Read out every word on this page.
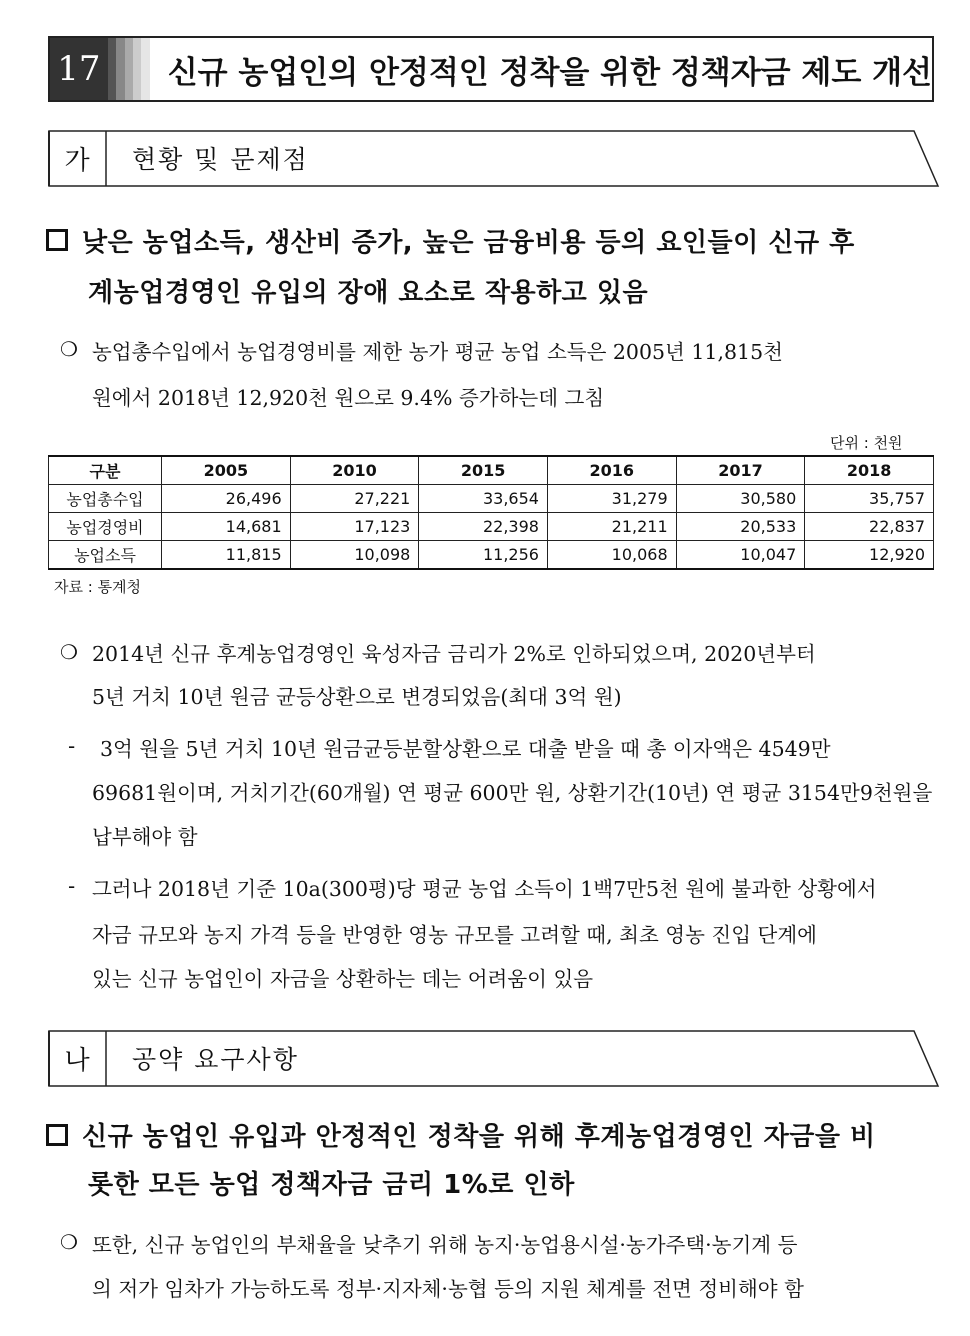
17	신규 농업인의 안정적인 정착을 위한 정책자금 제도 개선
가	현황 및 문제점
낮은 농업소득, 생산비 증가, 높은 금융비용 등의 요인들이 신규 후
계농업경영인 유입의 장애 요소로 작용하고 있음
❍ 농업총수입에서 농업경영비를 제한 농가 평균 농업 소득은 2005년 11,815천
원에서 2018년 12,920천 원으로 9.4% 증가하는데 그침
단위 : 천원
구분	2005	2010	2015	2016	2017	2018
농업총수입	26,496	27,221	33,654	31,279	30,580	35,757
농업경영비	14,681	17,123	22,398	21,211	20,533	22,837
농업소득	11,815	10,098	11,256	10,068	10,047	12,920
자료 : 통계청
❍ 2014년 신규 후계농업경영인 육성자금 금리가 2%로 인하되었으며, 2020년부터
5년 거치 10년 원금 균등상환으로 변경되었음(최대 3억 원)
- 3억 원을 5년 거치 10년 원금균등분할상환으로 대출 받을 때 총 이자액은 4549만
69681원이며, 거치기간(60개월) 연 평균 600만 원, 상환기간(10년) 연 평균 3154만9천원을
납부해야 함
- 그러나 2018년 기준 10a(300평)당 평균 농업 소득이 1백7만5천 원에 불과한 상황에서
자금 규모와 농지 가격 등을 반영한 영농 규모를 고려할 때, 최초 영농 진입 단계에
있는 신규 농업인이 자금을 상환하는 데는 어려움이 있음
나	공약 요구사항
신규 농업인 유입과 안정적인 정착을 위해 후계농업경영인 자금을 비
롯한 모든 농업 정책자금 금리 1%로 인하
❍ 또한, 신규 농업인의 부채율을 낮추기 위해 농지·농업용시설·농가주택·농기계 등
의 저가 임차가 가능하도록 정부·지자체·농협 등의 지원 체계를 전면 정비해야 함
